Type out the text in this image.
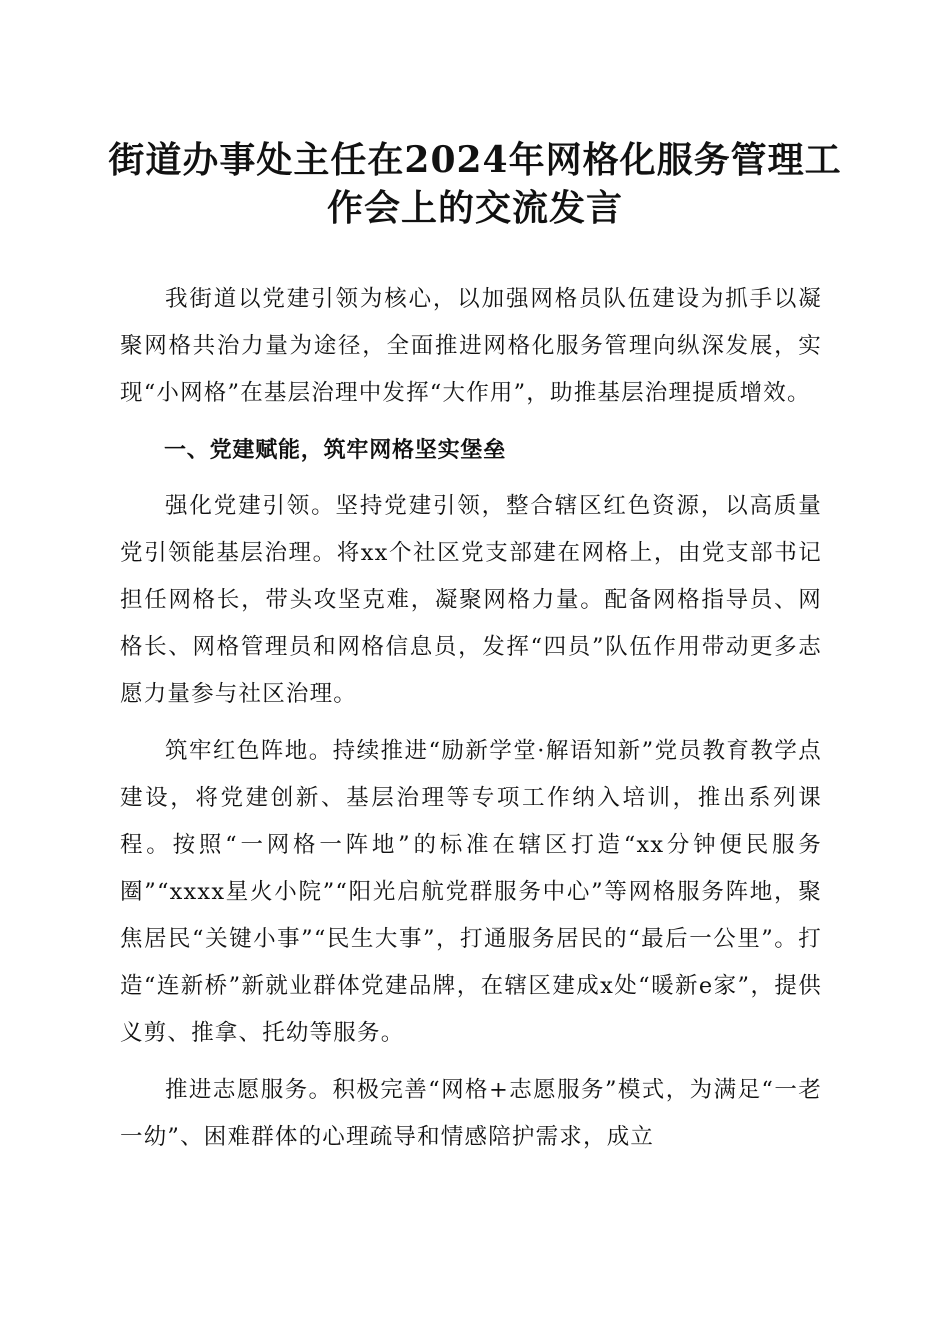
街道办事处主任在2024年网格化服务管理工作会上的交流发言

我街道以党建引领为核心，以加强网格员队伍建设为抓手以凝聚网格共治力量为途径，全面推进网格化服务管理向纵深发展，实现“小网格”在基层治理中发挥“大作用”，助推基层治理提质增效。

一、党建赋能，筑牢网格坚实堡垒

强化党建引领。坚持党建引领，整合辖区红色资源，以高质量党引领能基层治理。将xx个社区党支部建在网格上，由党支部书记担任网格长，带头攻坚克难，凝聚网格力量。配备网格指导员、网格长、网格管理员和网格信息员，发挥“四员”队伍作用带动更多志愿力量参与社区治理。

筑牢红色阵地。持续推进“励新学堂·解语知新”党员教育教学点建设，将党建创新、基层治理等专项工作纳入培训，推出系列课程。按照“一网格一阵地”的标准在辖区打造“xx分钟便民服务圈”“xxxx星火小院”“阳光启航党群服务中心”等网格服务阵地，聚焦居民“关键小事”“民生大事”，打通服务居民的“最后一公里”。打造“连新桥”新就业群体党建品牌，在辖区建成x处“暖新e家”，提供义剪、推拿、托幼等服务。

推进志愿服务。积极完善“网格+志愿服务”模式，为满足“一老一幼”、困难群体的心理疏导和情感陪护需求，成立
